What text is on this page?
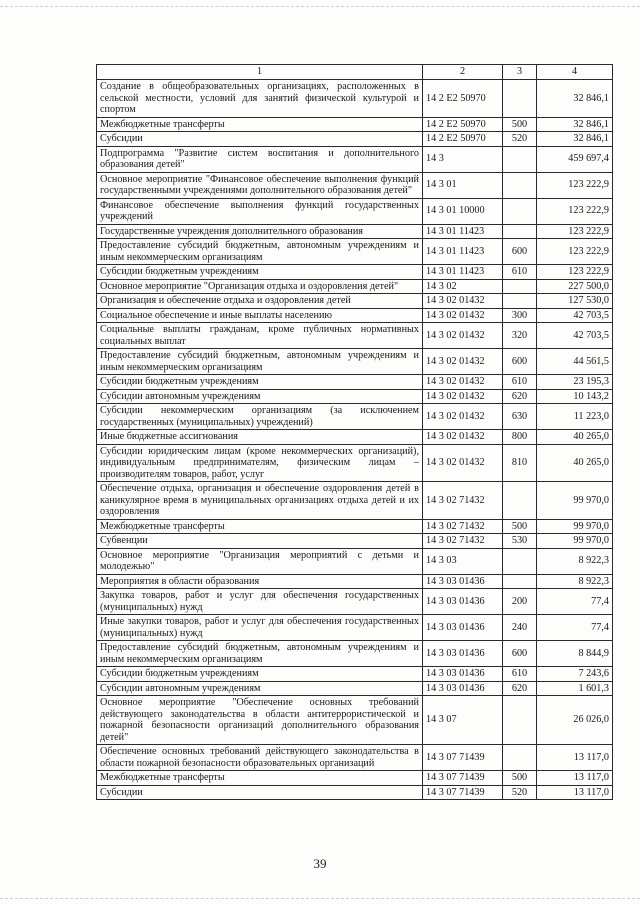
1	2	3	4
Создание в общеобразовательных организациях, расположенных в сельской местности, условий для занятий физической культурой и спортом	14 2 Е2 50970		32 846,1
Межбюджетные трансферты	14 2 Е2 50970	500	32 846,1
Субсидии	14 2 Е2 50970	520	32 846,1
Подпрограмма "Развитие систем воспитания и дополнительного образования детей"	14 3		459 697,4
Основное мероприятие "Финансовое обеспечение выполнения функций государственными учреждениями дополнительного образования детей"	14 3 01		123 222,9
Финансовое обеспечение выполнения функций государственных учреждений	14 3 01 10000		123 222,9
Государственные учреждения дополнительного образования	14 3 01 11423		123 222,9
Предоставление субсидий бюджетным, автономным учреждениям и иным некоммерческим организациям	14 3 01 11423	600	123 222,9
Субсидии бюджетным учреждениям	14 3 01 11423	610	123 222,9
Основное мероприятие "Организация отдыха и оздоровления детей"	14 3 02		227 500,0
Организация и обеспечение отдыха и оздоровления детей	14 3 02 01432		127 530,0
Социальное обеспечение и иные выплаты населению	14 3 02 01432	300	42 703,5
Социальные выплаты гражданам, кроме публичных нормативных социальных выплат	14 3 02 01432	320	42 703,5
Предоставление субсидий бюджетным, автономным учреждениям и иным некоммерческим организациям	14 3 02 01432	600	44 561,5
Субсидии бюджетным учреждениям	14 3 02 01432	610	23 195,3
Субсидии автономным учреждениям	14 3 02 01432	620	10 143,2
Субсидии некоммерческим организациям (за исключением государственных (муниципальных) учреждений)	14 3 02 01432	630	11 223,0
Иные бюджетные ассигнования	14 3 02 01432	800	40 265,0
Субсидии юридическим лицам (кроме некоммерческих организаций), индивидуальным предпринимателям, физическим лицам – производителям товаров, работ, услуг	14 3 02 01432	810	40 265,0
Обеспечение отдыха, организация и обеспечение оздоровления детей в каникулярное время в муниципальных организациях отдыха детей и их оздоровления	14 3 02 71432		99 970,0
Межбюджетные трансферты	14 3 02 71432	500	99 970,0
Субвенции	14 3 02 71432	530	99 970,0
Основное мероприятие "Организация мероприятий с детьми и молодежью"	14 3 03		8 922,3
Мероприятия в области образования	14 3 03 01436		8 922,3
Закупка товаров, работ и услуг для обеспечения государственных (муниципальных) нужд	14 3 03 01436	200	77,4
Иные закупки товаров, работ и услуг для обеспечения государственных (муниципальных) нужд	14 3 03 01436	240	77,4
Предоставление субсидий бюджетным, автономным учреждениям и иным некоммерческим организациям	14 3 03 01436	600	8 844,9
Субсидии бюджетным учреждениям	14 3 03 01436	610	7 243,6
Субсидии автономным учреждениям	14 3 03 01436	620	1 601,3
Основное мероприятие "Обеспечение основных требований действующего законодательства в области антитеррористической и пожарной безопасности организаций дополнительного образования детей"	14 3 07		26 026,0
Обеспечение основных требований действующего законодательства в области пожарной безопасности образовательных организаций	14 3 07 71439		13 117,0
Межбюджетные трансферты	14 3 07 71439	500	13 117,0
Субсидии	14 3 07 71439	520	13 117,0
39
